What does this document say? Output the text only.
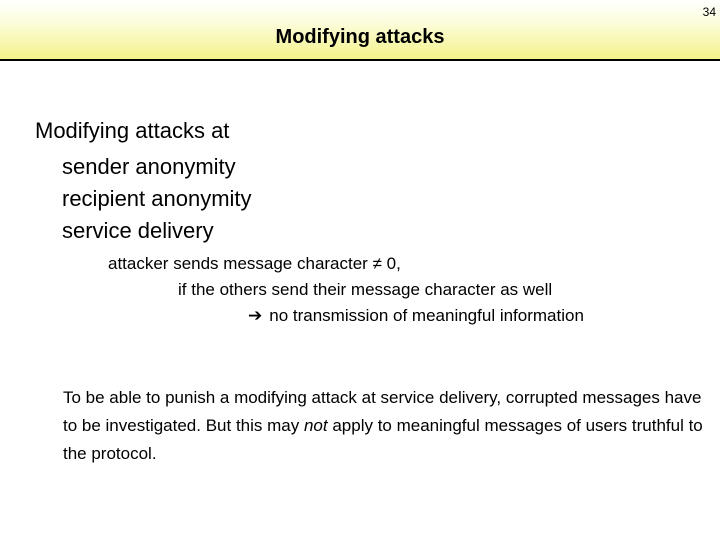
34
Modifying attacks
Modifying attacks at
sender anonymity
recipient anonymity
service delivery
attacker sends message character ≠ 0,
if the others send their message character as well
➔ no transmission of meaningful information
To be able to punish a modifying attack at service delivery, corrupted messages have to be investigated. But this may not apply to meaningful messages of users truthful to the protocol.
